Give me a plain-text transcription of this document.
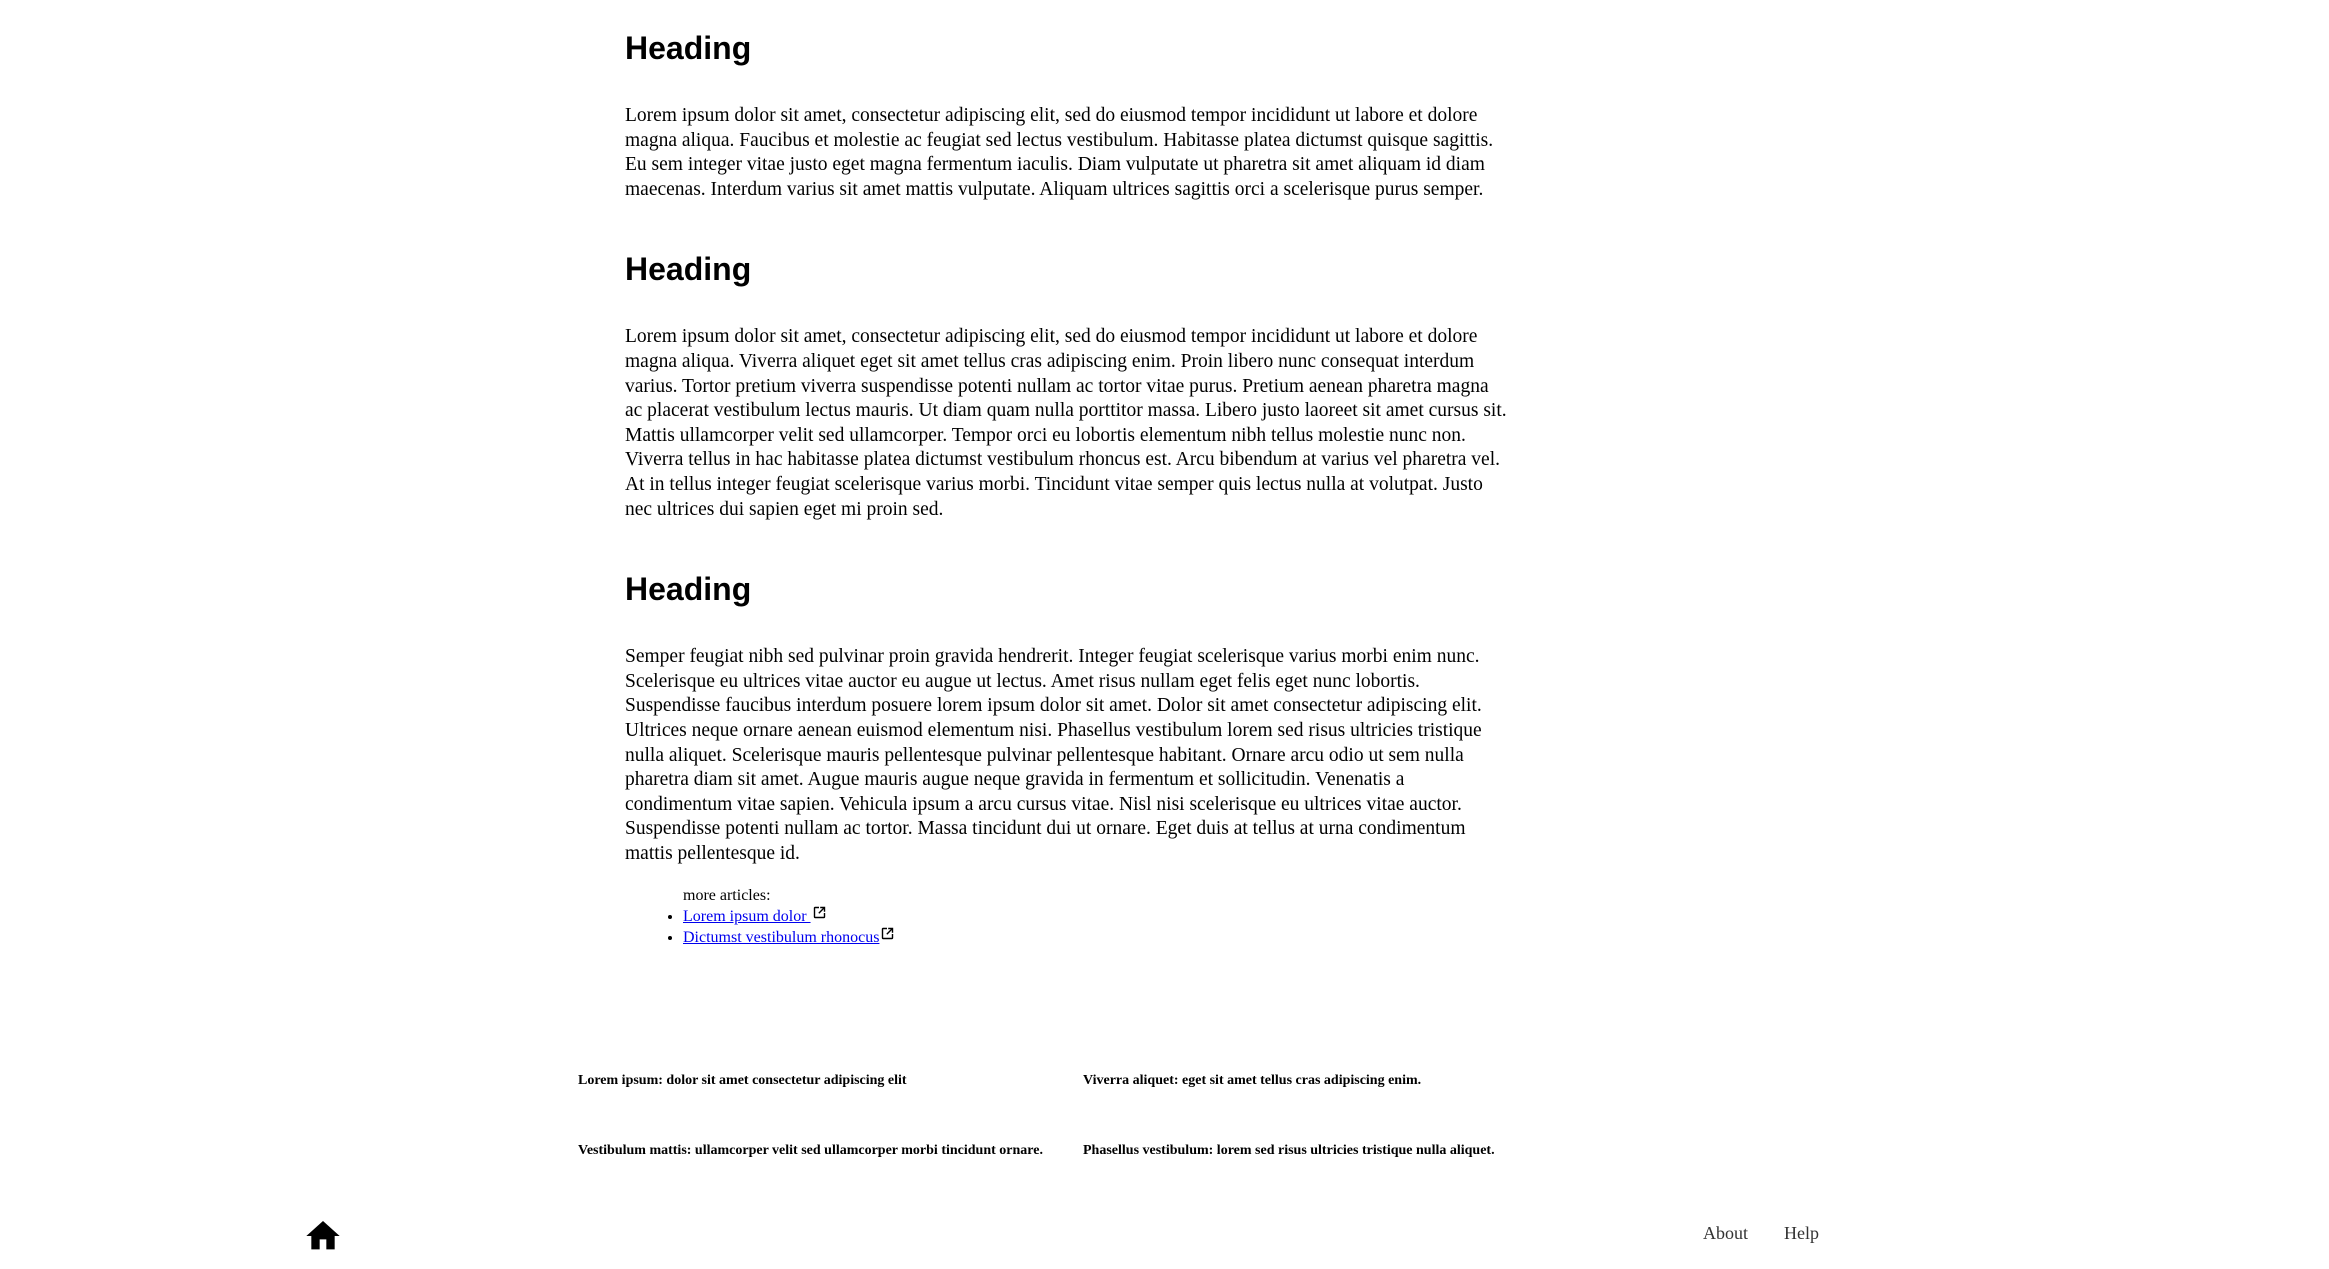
Heading

Lorem ipsum dolor sit amet, consectetur adipiscing elit, sed do eiusmod tempor incididunt ut labore et dolore magna aliqua. Faucibus et molestie ac feugiat sed lectus vestibulum. Habitasse platea dictumst quisque sagittis. Eu sem integer vitae justo eget magna fermentum iaculis. Diam vulputate ut pharetra sit amet aliquam id diam maecenas. Interdum varius sit amet mattis vulputate. Aliquam ultrices sagittis orci a scelerisque purus semper.

Heading

Lorem ipsum dolor sit amet, consectetur adipiscing elit, sed do eiusmod tempor incididunt ut labore et dolore magna aliqua. Viverra aliquet eget sit amet tellus cras adipiscing enim. Proin libero nunc consequat interdum varius. Tortor pretium viverra suspendisse potenti nullam ac tortor vitae purus. Pretium aenean pharetra magna ac placerat vestibulum lectus mauris. Ut diam quam nulla porttitor massa. Libero justo laoreet sit amet cursus sit. Mattis ullamcorper velit sed ullamcorper. Tempor orci eu lobortis elementum nibh tellus molestie nunc non. Viverra tellus in hac habitasse platea dictumst vestibulum rhoncus est. Arcu bibendum at varius vel pharetra vel. At in tellus integer feugiat scelerisque varius morbi. Tincidunt vitae semper quis lectus nulla at volutpat. Justo nec ultrices dui sapien eget mi proin sed.

Heading

Semper feugiat nibh sed pulvinar proin gravida hendrerit. Integer feugiat scelerisque varius morbi enim nunc. Scelerisque eu ultrices vitae auctor eu augue ut lectus. Amet risus nullam eget felis eget nunc lobortis. Suspendisse faucibus interdum posuere lorem ipsum dolor sit amet. Dolor sit amet consectetur adipiscing elit. Ultrices neque ornare aenean euismod elementum nisi. Phasellus vestibulum lorem sed risus ultricies tristique nulla aliquet. Scelerisque mauris pellentesque pulvinar pellentesque habitant. Ornare arcu odio ut sem nulla pharetra diam sit amet. Augue mauris augue neque gravida in fermentum et sollicitudin. Venenatis a condimentum vitae sapien. Vehicula ipsum a arcu cursus vitae. Nisl nisi scelerisque eu ultrices vitae auctor. Suspendisse potenti nullam ac tortor. Massa tincidunt dui ut ornare. Eget duis at tellus at urna condimentum mattis pellentesque id.

more articles:
• Lorem ipsum dolor
• Dictumst vestibulum rhonocus
Lorem ipsum: dolor sit amet consectetur adipiscing elit	Viverra aliquet: eget sit amet tellus cras adipiscing enim.
Vestibulum mattis: ullamcorper velit sed ullamcorper morbi tincidunt ornare.	Phasellus vestibulum: lorem sed risus ultricies tristique nulla aliquet.
About Help
